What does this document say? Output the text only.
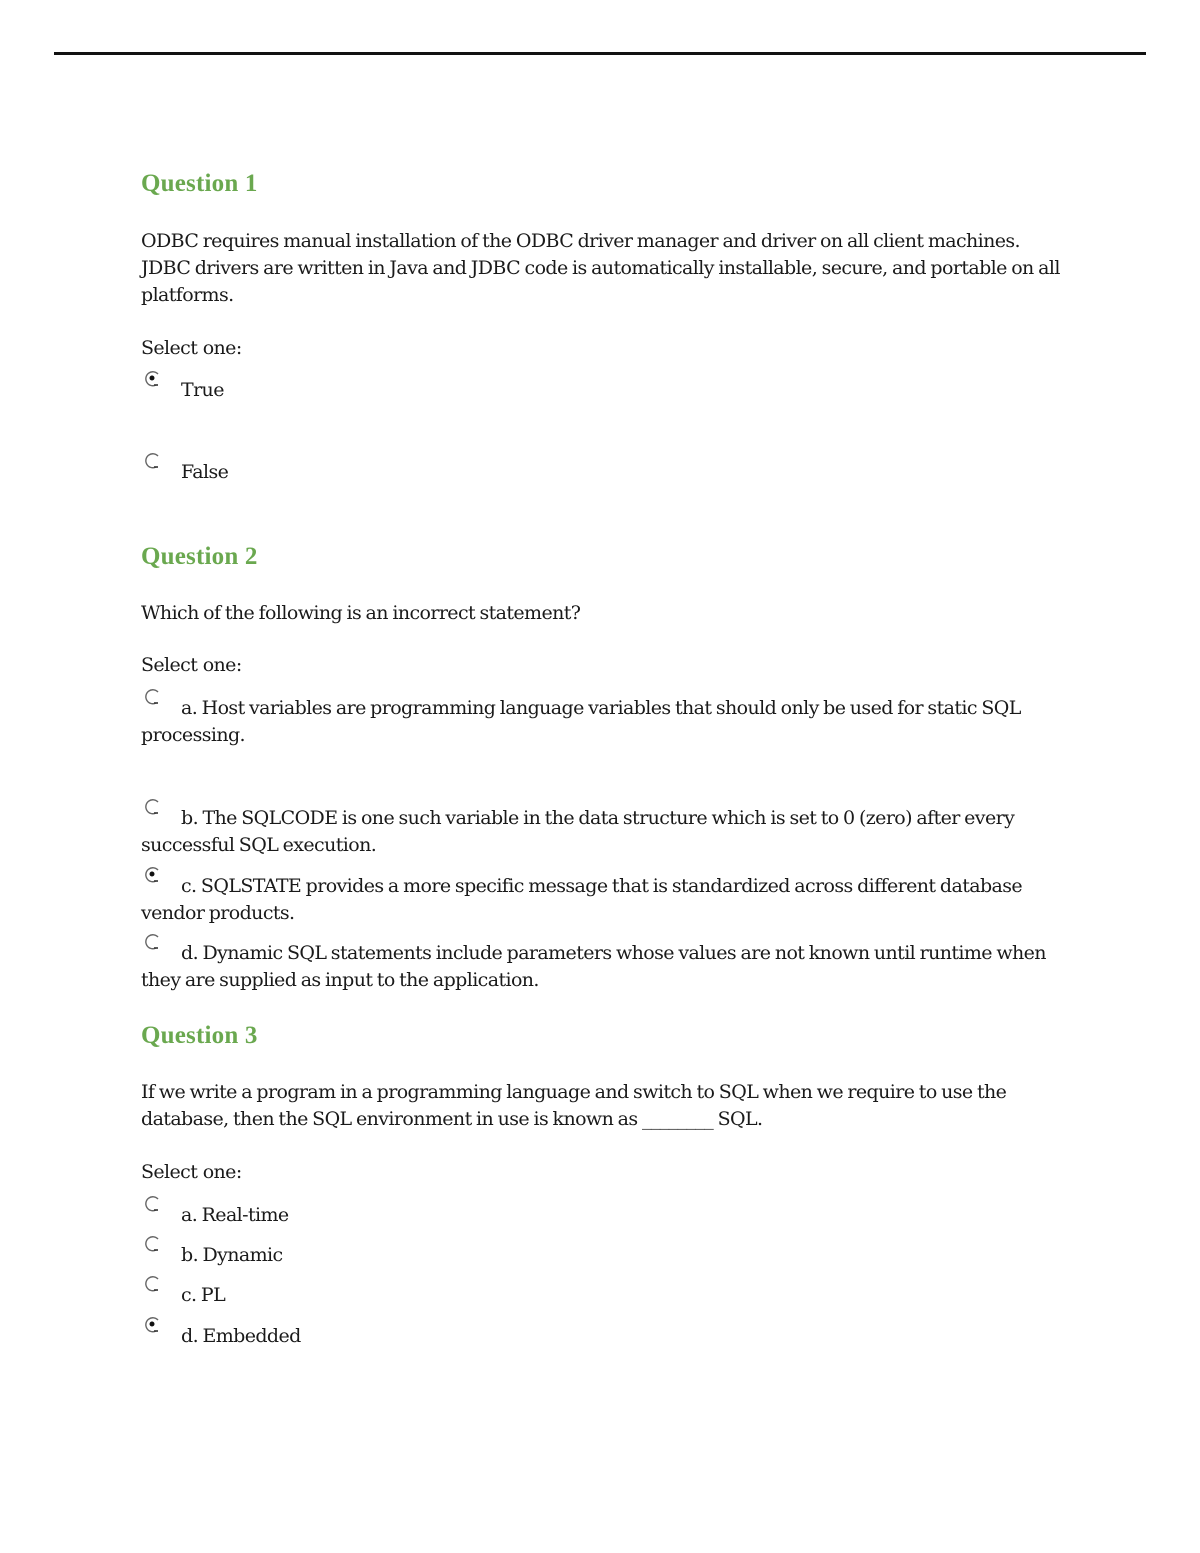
Question 1
ODBC requires manual installation of the ODBC driver manager and driver on all client machines. JDBC drivers are written in Java and JDBC code is automatically installable, secure, and portable on all platforms.
Select one:
True
False
Question 2
Which of the following is an incorrect statement?
Select one:
a. Host variables are programming language variables that should only be used for static SQL processing.
b. The SQLCODE is one such variable in the data structure which is set to 0 (zero) after every successful SQL execution.
c. SQLSTATE provides a more specific message that is standardized across different database vendor products.
d. Dynamic SQL statements include parameters whose values are not known until runtime when they are supplied as input to the application.
Question 3
If we write a program in a programming language and switch to SQL when we require to use the database, then the SQL environment in use is known as ________ SQL.
Select one:
a. Real-time
b. Dynamic
c. PL
d. Embedded
